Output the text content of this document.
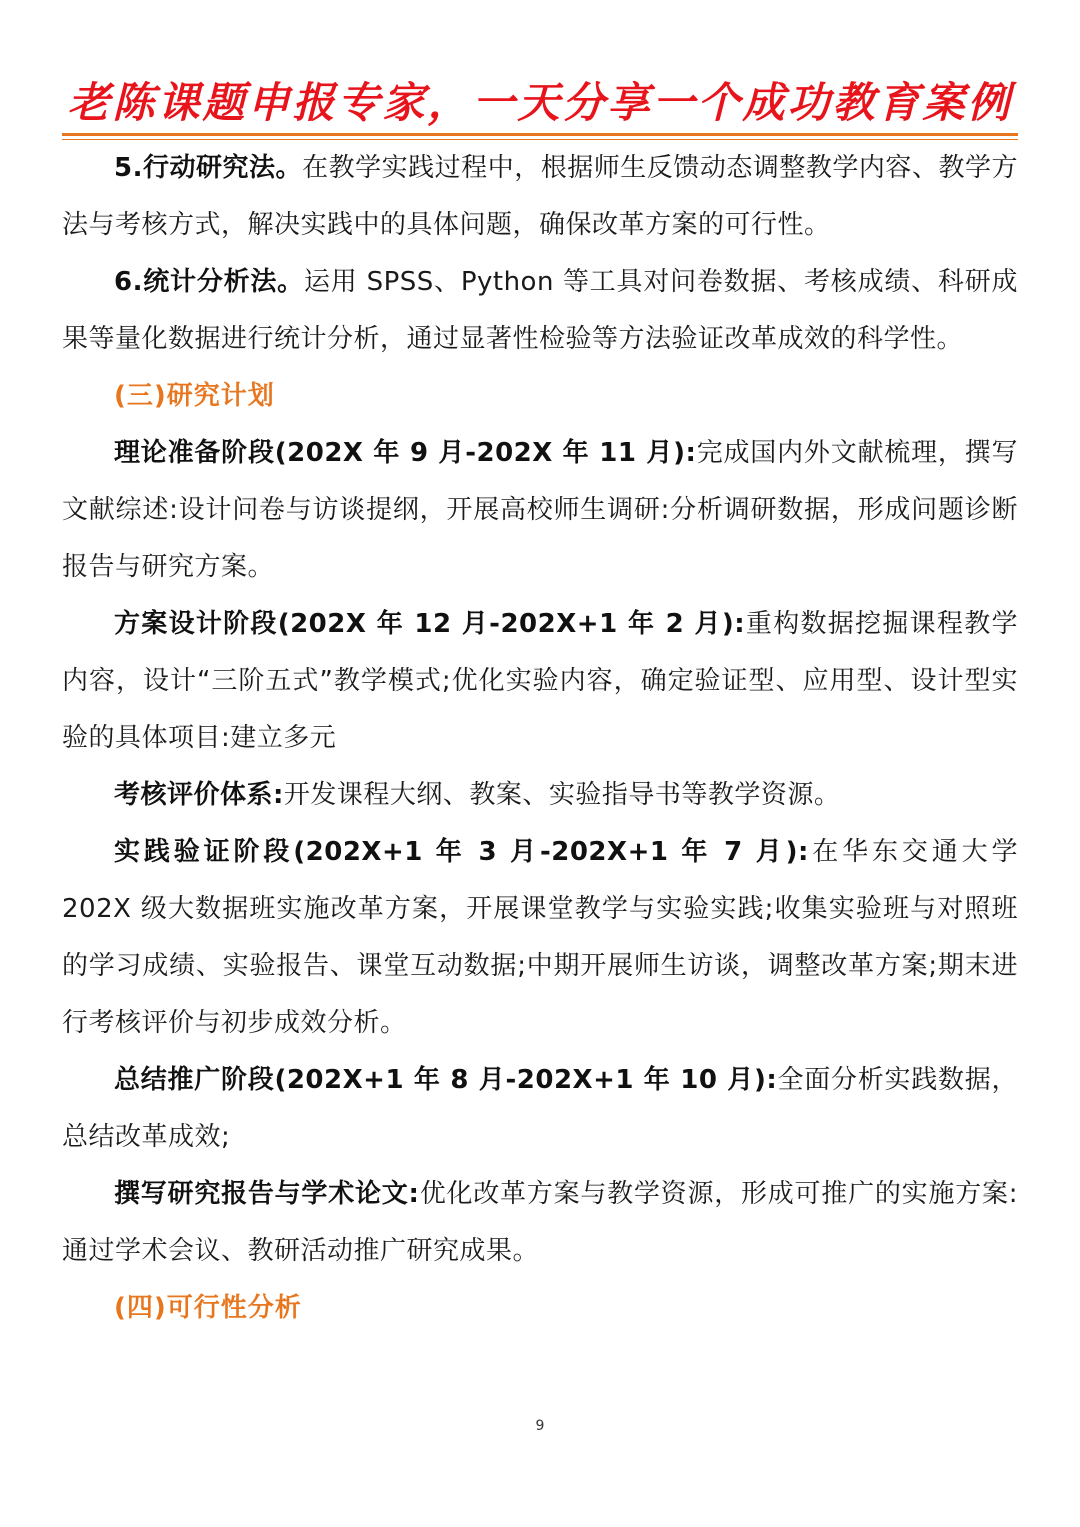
老陈课题申报专家，一天分享一个成功教育案例

5.行动研究法。在教学实践过程中，根据师生反馈动态调整教学内容、教学方法与考核方式，解决实践中的具体问题，确保改革方案的可行性。

6.统计分析法。运用 SPSS、Python 等工具对问卷数据、考核成绩、科研成果等量化数据进行统计分析，通过显著性检验等方法验证改革成效的科学性。

(三)研究计划

理论准备阶段(202X 年 9 月-202X 年 11 月):完成国内外文献梳理，撰写文献综述:设计问卷与访谈提纲，开展高校师生调研:分析调研数据，形成问题诊断报告与研究方案。

方案设计阶段(202X 年 12 月-202X+1 年 2 月):重构数据挖掘课程教学内容，设计“三阶五式”教学模式;优化实验内容，确定验证型、应用型、设计型实验的具体项目:建立多元

考核评价体系:开发课程大纲、教案、实验指导书等教学资源。

实践验证阶段(202X+1 年 3 月-202X+1 年 7 月):在华东交通大学 202X 级大数据班实施改革方案，开展课堂教学与实验实践;收集实验班与对照班的学习成绩、实验报告、课堂互动数据;中期开展师生访谈，调整改革方案;期末进行考核评价与初步成效分析。

总结推广阶段(202X+1 年 8 月-202X+1 年 10 月):全面分析实践数据，总结改革成效;

撰写研究报告与学术论文:优化改革方案与教学资源，形成可推广的实施方案:通过学术会议、教研活动推广研究成果。

(四)可行性分析

9
